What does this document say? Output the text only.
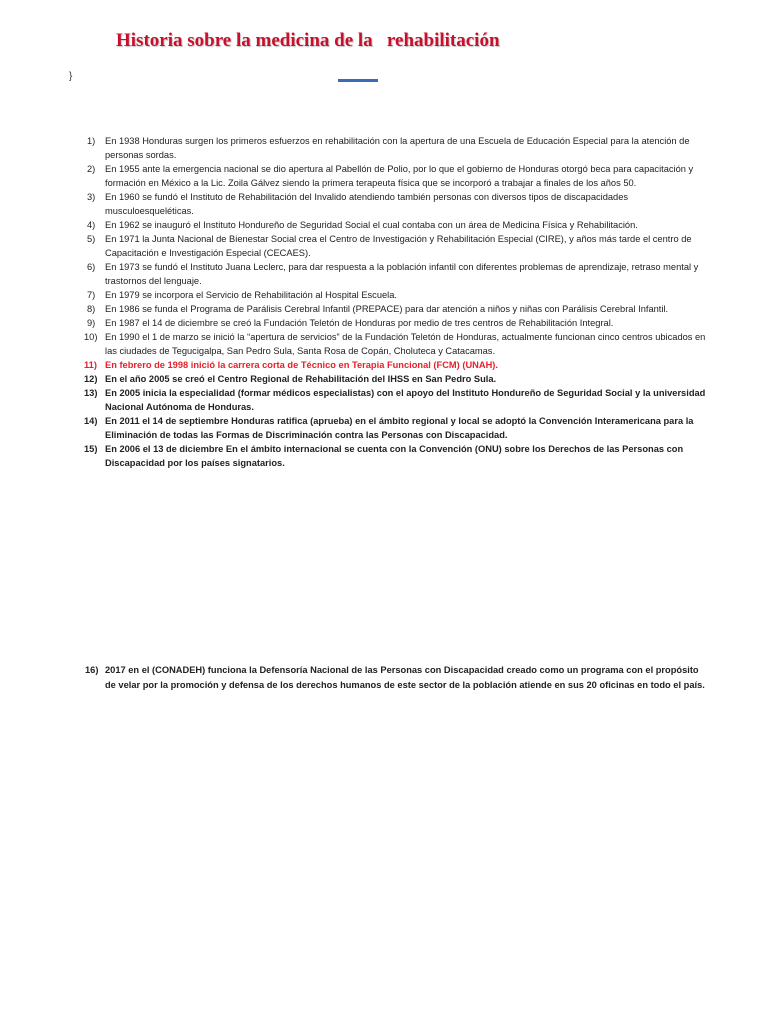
Historia sobre la medicina de la   rehabilitación
}
1)	En 1938 Honduras surgen los primeros esfuerzos en rehabilitación con la apertura de una Escuela de Educación Especial para la atención de personas sordas.
2)	En 1955 ante la emergencia nacional se dio apertura al Pabellón de Polio, por lo que el gobierno de Honduras otorgó beca para capacitación y formación en México a la Lic. Zoila Gálvez siendo la primera terapeuta física que se incorporó a trabajar a finales de los años 50.
3)	En 1960 se fundó el Instituto de Rehabilitación del Invalido atendiendo también personas con diversos tipos de discapacidades musculoesqueléticas.
4)	En 1962 se inauguró el Instituto Hondureño de Seguridad Social el cual contaba con un área de Medicina Física y Rehabilitación.
5)	En 1971 la Junta Nacional de Bienestar Social crea el Centro de Investigación y Rehabilitación Especial (CIRE), y años más tarde el centro de Capacitación e Investigación Especial (CECAES).
6)	En 1973 se fundó el Instituto Juana Leclerc, para dar respuesta a la población infantil con diferentes problemas de aprendizaje, retraso mental y trastornos del lenguaje.
7)	En 1979 se incorpora el Servicio de Rehabilitación al Hospital Escuela.
8)	En 1986 se funda el Programa de Parálisis Cerebral Infantil (PREPACE) para dar atención a niños y niñas con Parálisis Cerebral Infantil.
9)	En 1987 el 14 de diciembre se creó la Fundación Teletón de Honduras por medio de tres centros de Rehabilitación Integral.
10) En 1990 el 1 de marzo se inició la “apertura de servicios” de la Fundación Teletón de Honduras, actualmente funcionan cinco centros ubicados en las ciudades de Tegucigalpa, San Pedro Sula, Santa Rosa de Copán, Choluteca y Catacamas.
11) En febrero de 1998 inició la carrera corta de Técnico en Terapia Funcional (FCM) (UNAH).
12) En el año 2005 se creó el Centro Regional de Rehabilitación del IHSS en San Pedro Sula.
13) En 2005 inicia la especialidad (formar médicos especialistas) con el apoyo del Instituto Hondureño de Seguridad Social y la universidad Nacional Autónoma de Honduras.
14) En 2011 el 14 de septiembre Honduras ratifica (aprueba) en el ámbito regional y local se adoptó la Convención Interamericana para la Eliminación de todas las Formas de Discriminación contra las Personas con Discapacidad.
15) En 2006 el 13 de diciembre En el ámbito internacional se cuenta con la Convención (ONU) sobre los Derechos de las Personas con Discapacidad por los países signatarios.
16) 2017 en el (CONADEH) funciona la Defensoría Nacional de las Personas con Discapacidad creado como un programa con el propósito de velar por la promoción y defensa de los derechos humanos de este sector de la población atiende en sus 20 oficinas en todo el país.
